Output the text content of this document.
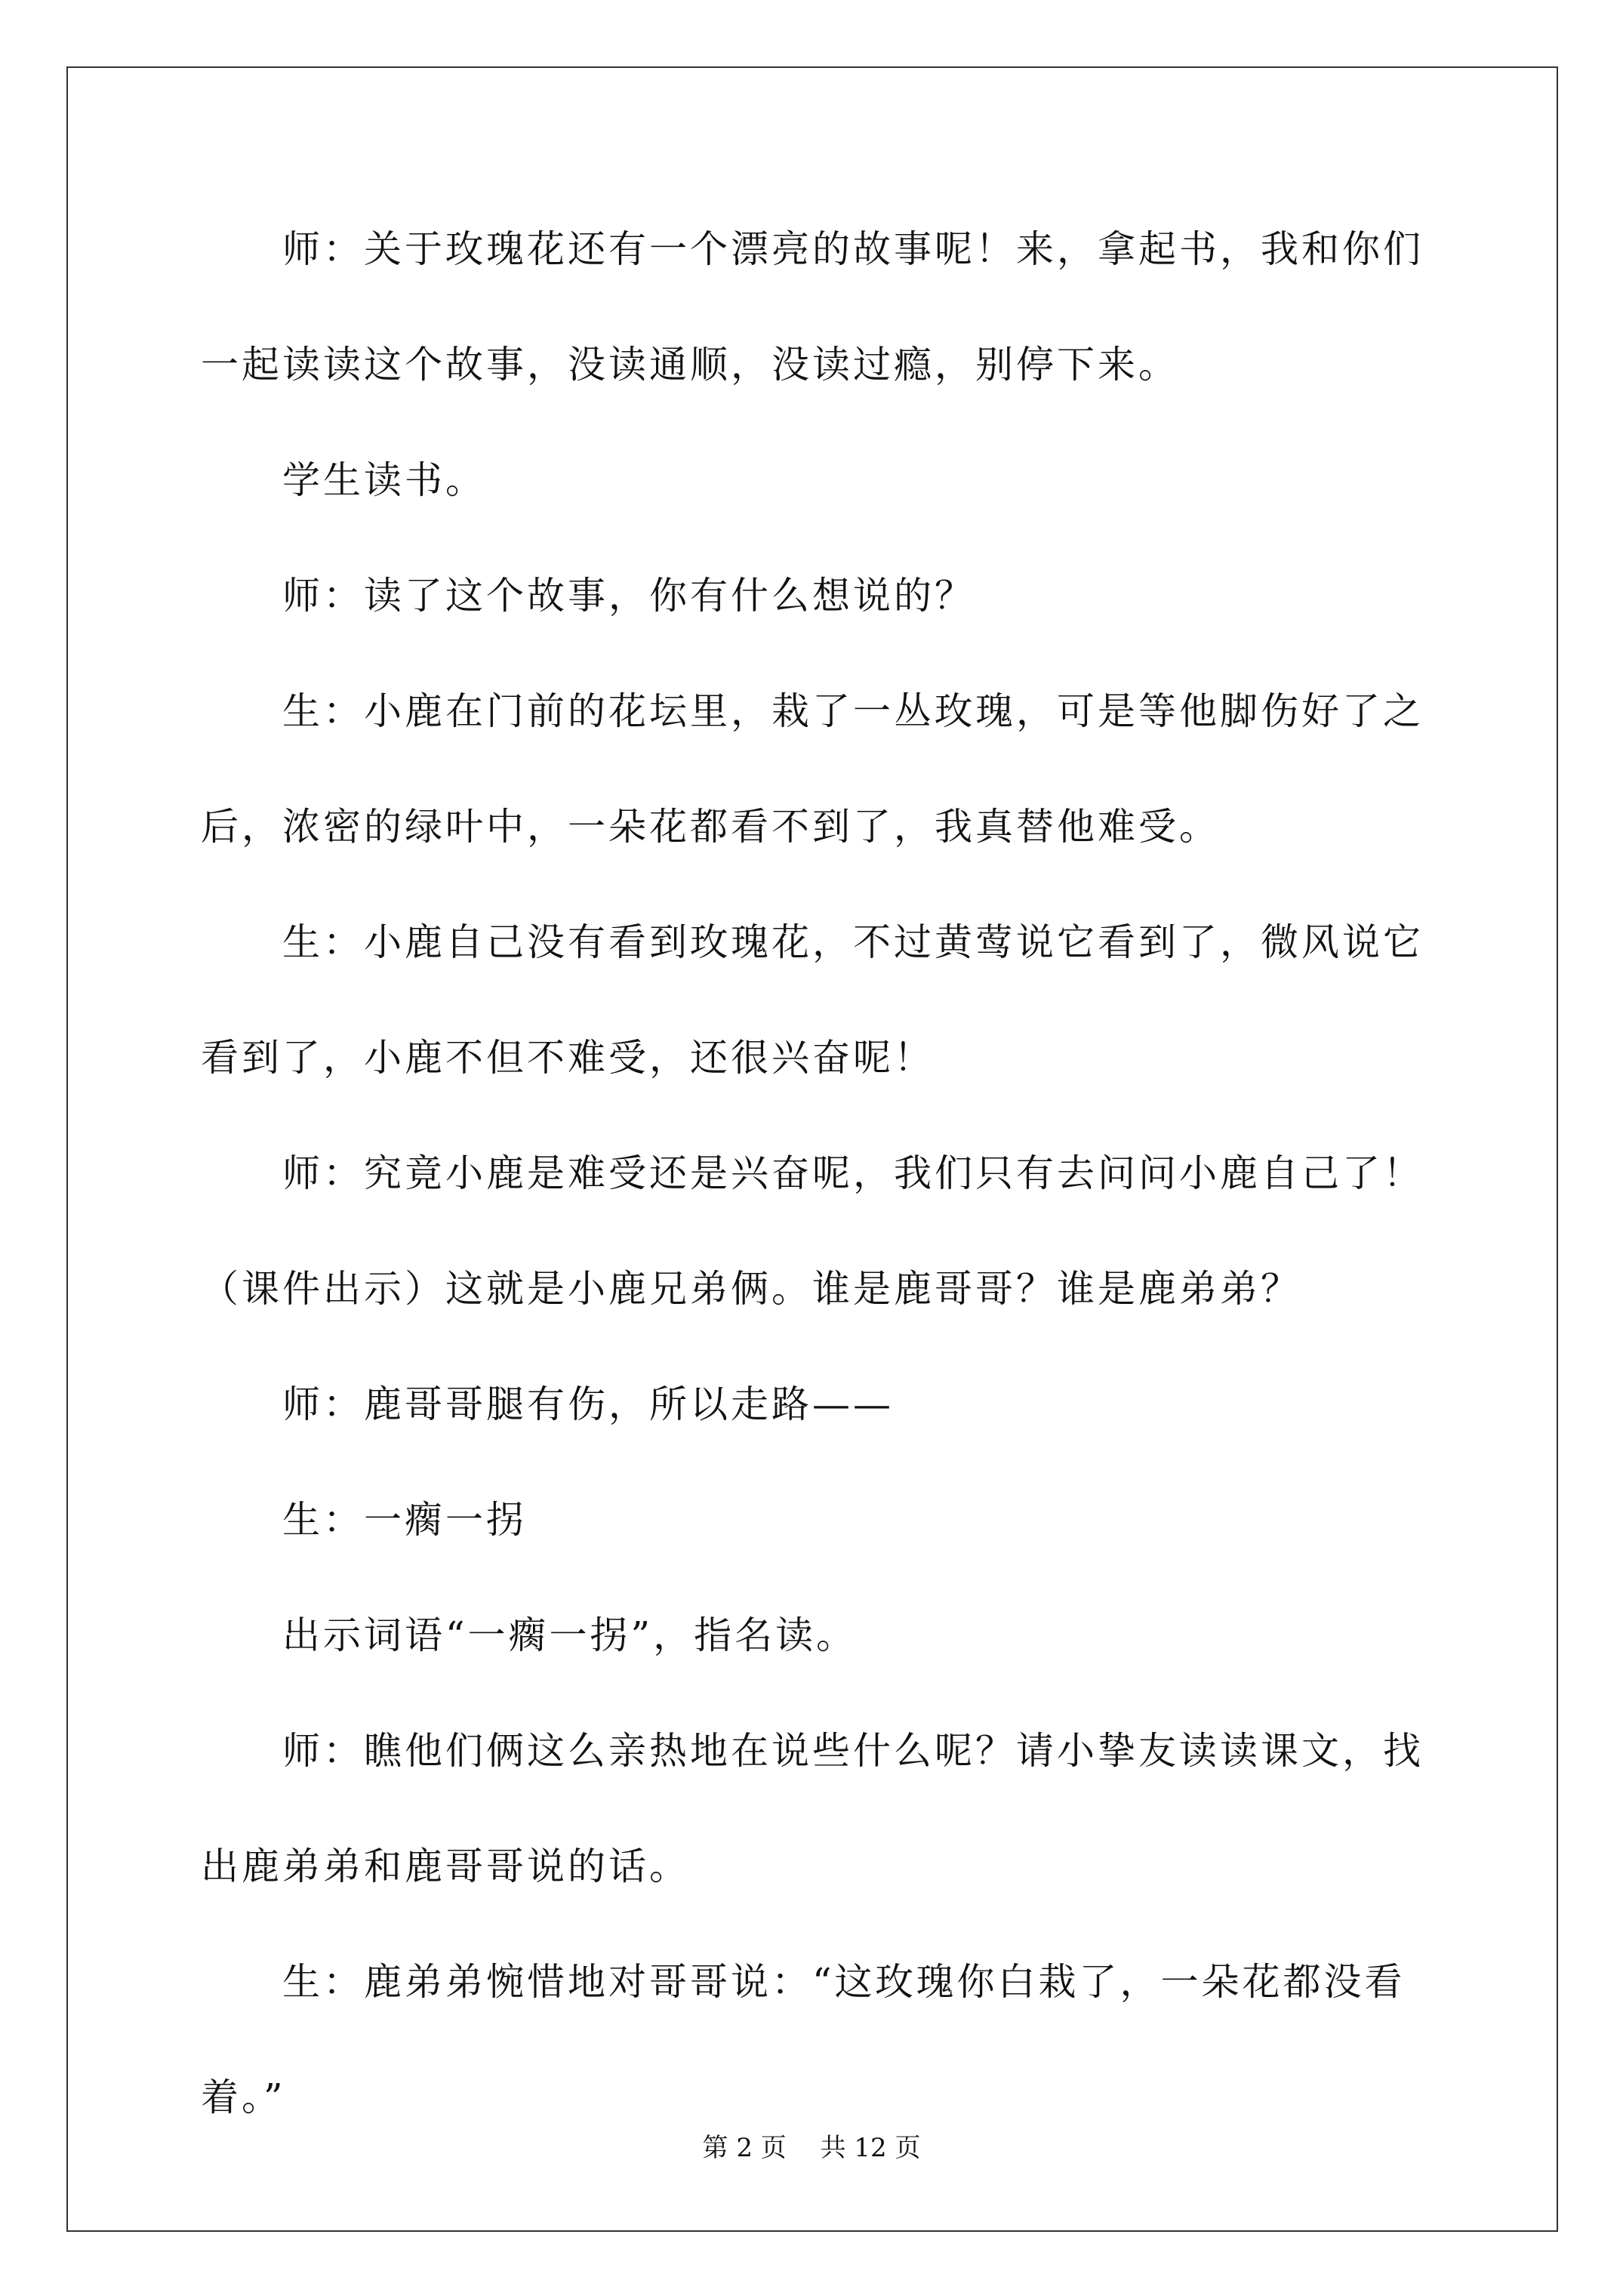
　　师：关于玫瑰花还有一个漂亮的故事呢！来，拿起书，我和你们
一起读读这个故事，没读通顺，没读过瘾，别停下来。
　　学生读书。
　　师：读了这个故事，你有什么想说的？
　　生：小鹿在门前的花坛里，栽了一丛玫瑰，可是等他脚伤好了之
后，浓密的绿叶中，一朵花都看不到了，我真替他难受。
　　生：小鹿自己没有看到玫瑰花，不过黄莺说它看到了，微风说它
看到了，小鹿不但不难受，还很兴奋呢！
　　师：究竟小鹿是难受还是兴奋呢，我们只有去问问小鹿自己了！
（课件出示）这就是小鹿兄弟俩。谁是鹿哥哥？谁是鹿弟弟？
　　师：鹿哥哥腿有伤，所以走路——
　　生：一瘸一拐
　　出示词语“一瘸一拐”，指名读。
　　师：瞧他们俩这么亲热地在说些什么呢？请小挚友读读课文，找
出鹿弟弟和鹿哥哥说的话。
　　生：鹿弟弟惋惜地对哥哥说：“这玫瑰你白栽了，一朵花都没看
着。”
第 2 页　 共 12 页
